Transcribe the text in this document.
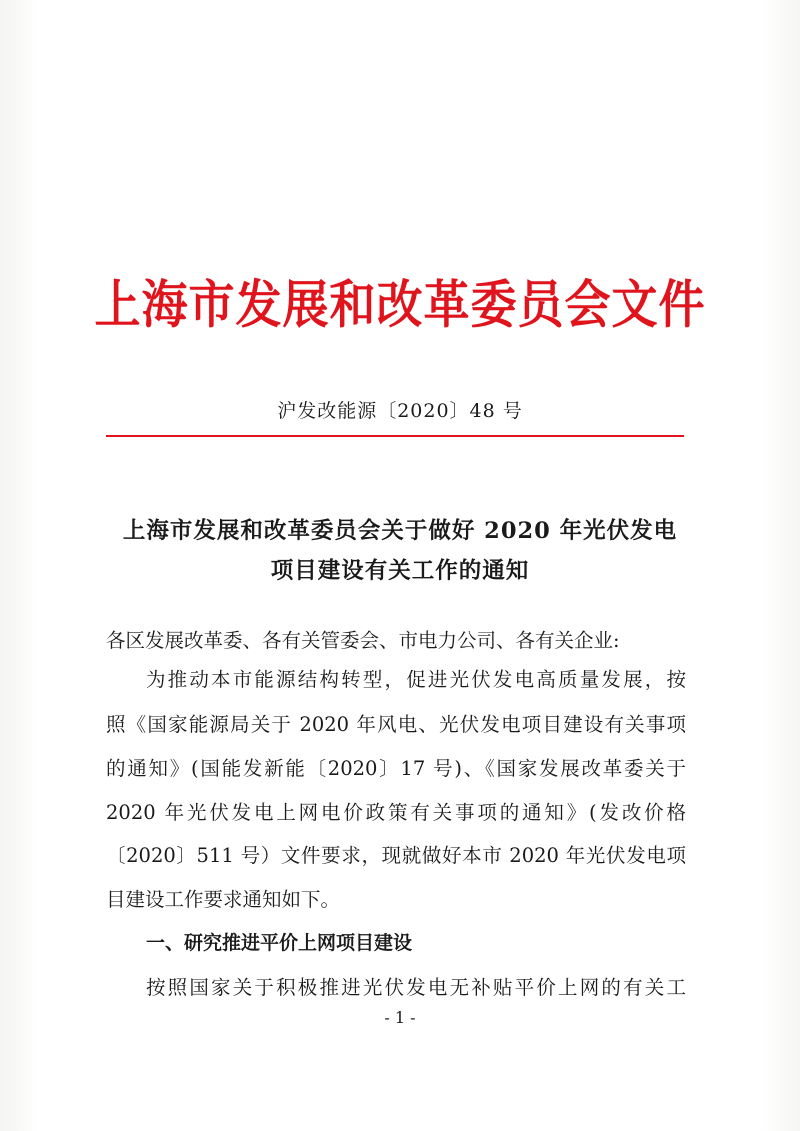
上海市发展和改革委员会文件
沪发改能源〔2020〕48 号
上海市发展和改革委员会关于做好 2020 年光伏发电
项目建设有关工作的通知
各区发展改革委、各有关管委会、市电力公司、各有关企业:
为推动本市能源结构转型，促进光伏发电高质量发展，按
照《国家能源局关于 2020 年风电、光伏发电项目建设有关事项
的通知》(国能发新能〔2020〕17 号)、《国家发展改革委关于
2020 年光伏发电上网电价政策有关事项的通知》(发改价格
〔2020〕511 号）文件要求，现就做好本市 2020 年光伏发电项
目建设工作要求通知如下。
一、研究推进平价上网项目建设
按照国家关于积极推进光伏发电无补贴平价上网的有关工
- 1 -
